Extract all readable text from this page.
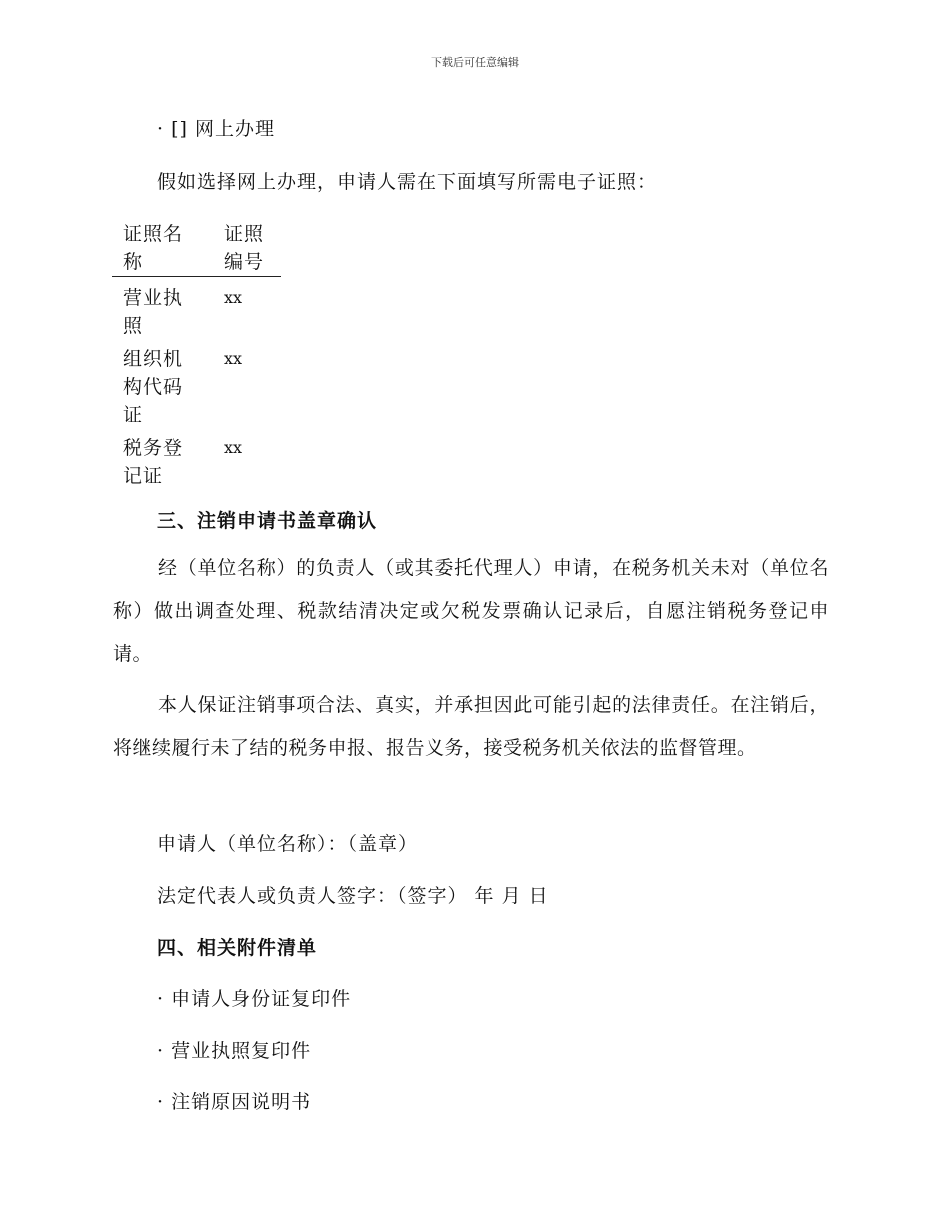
下载后可任意编辑
· [] 网上办理
假如选择网上办理，申请人需在下面填写所需电子证照：
证照名称
证照编号
营业执照
xx
组织机构代码证
xx
税务登记证
xx
三、注销申请书盖章确认
经（单位名称）的负责人（或其委托代理人）申请，在税务机关未对（单位名称）做出调查处理、税款结清决定或欠税发票确认记录后，自愿注销税务登记申请。
本人保证注销事项合法、真实，并承担因此可能引起的法律责任。在注销后，将继续履行未了结的税务申报、报告义务，接受税务机关依法的监督管理。
申请人（单位名称）：（盖章）
法定代表人或负责人签字：（签字） 年 月 日
四、相关附件清单
· 申请人身份证复印件
· 营业执照复印件
· 注销原因说明书
